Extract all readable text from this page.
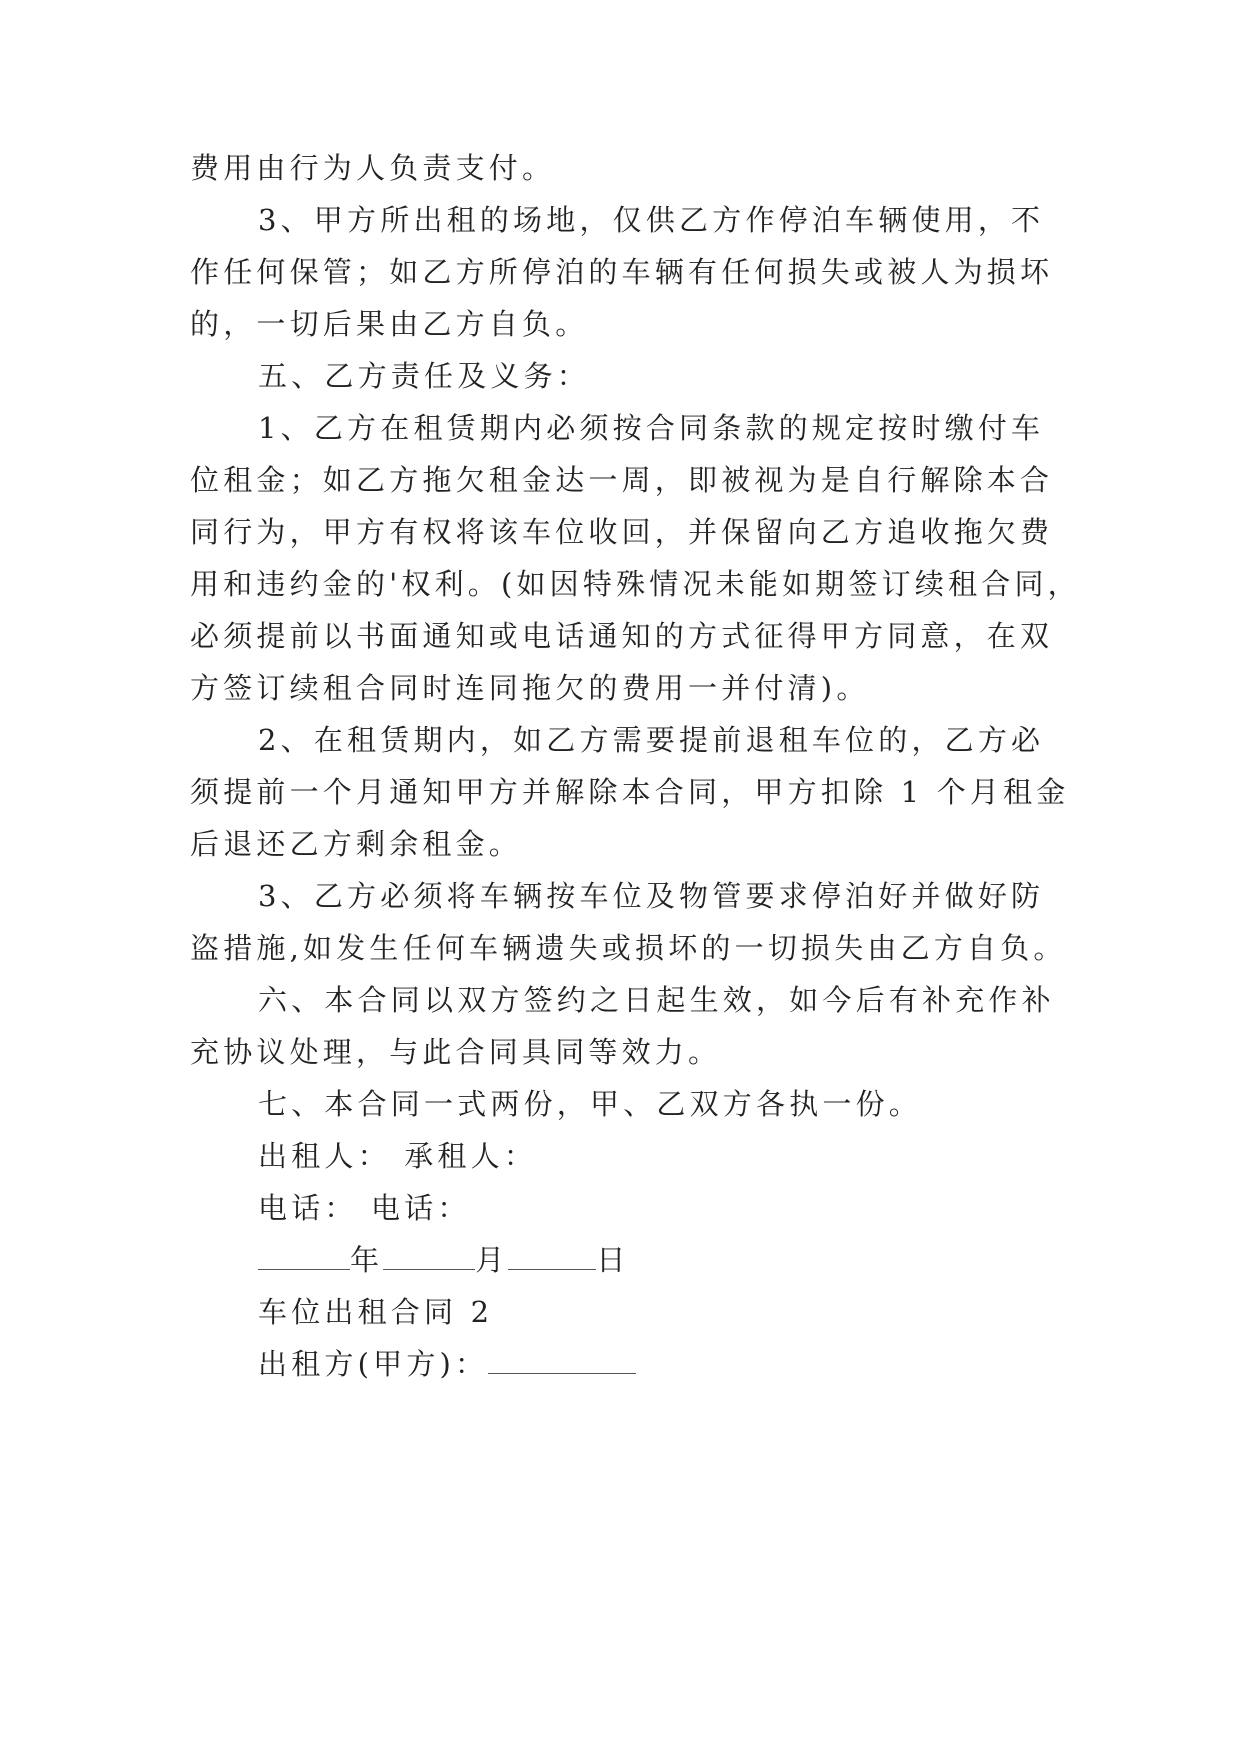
费用由行为人负责支付。
3、甲方所出租的场地，仅供乙方作停泊车辆使用，不
作任何保管；如乙方所停泊的车辆有任何损失或被人为损坏
的，一切后果由乙方自负。
五、乙方责任及义务：
1、乙方在租赁期内必须按合同条款的规定按时缴付车
位租金；如乙方拖欠租金达一周，即被视为是自行解除本合
同行为，甲方有权将该车位收回，并保留向乙方追收拖欠费
用和违约金的'权利。(如因特殊情况未能如期签订续租合同，
必须提前以书面通知或电话通知的方式征得甲方同意，在双
方签订续租合同时连同拖欠的费用一并付清)。
2、在租赁期内，如乙方需要提前退租车位的，乙方必
须提前一个月通知甲方并解除本合同，甲方扣除 1 个月租金
后退还乙方剩余租金。
3、乙方必须将车辆按车位及物管要求停泊好并做好防
盗措施,如发生任何车辆遗失或损坏的一切损失由乙方自负。
六、本合同以双方签约之日起生效，如今后有补充作补
充协议处理，与此合同具同等效力。
七、本合同一式两份，甲、乙双方各执一份。
出租人： 承租人：
电话： 电话：
年	月	日
车位出租合同 2
出租方(甲方)：
